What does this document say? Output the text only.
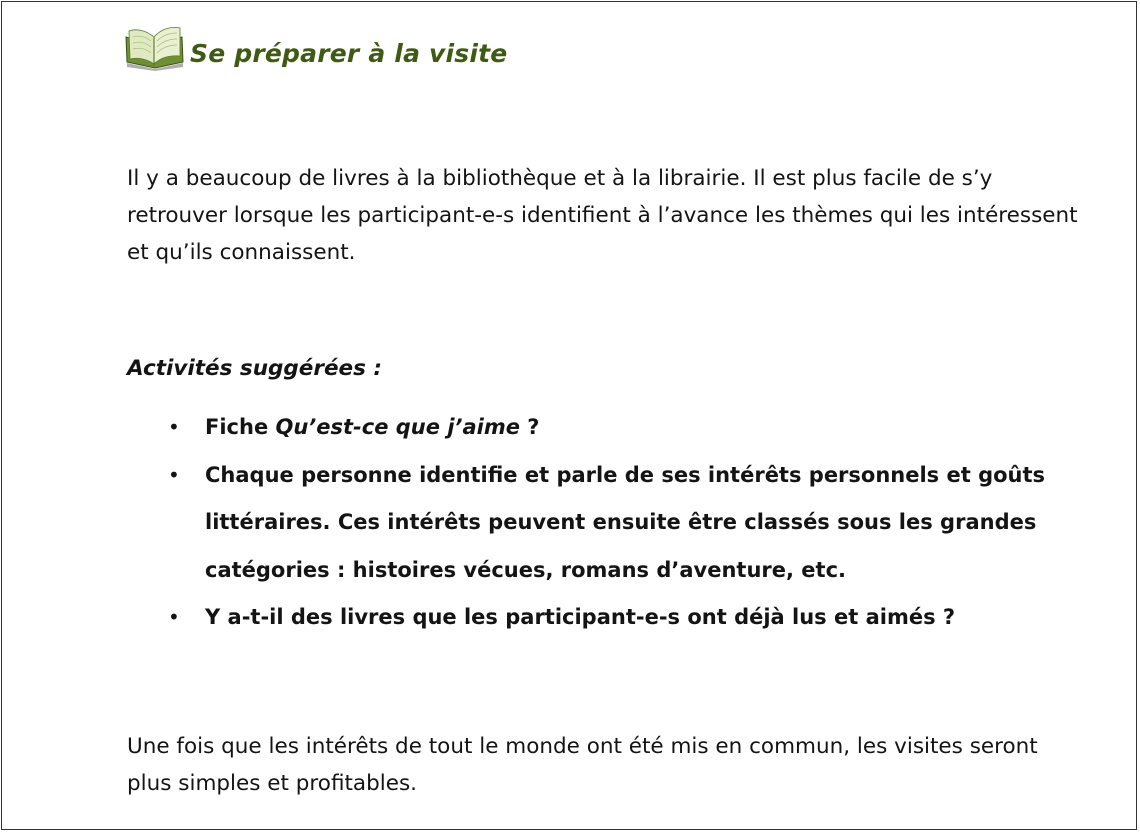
Se préparer à la visite

Il y a beaucoup de livres à la bibliothèque et à la librairie. Il est plus facile de s’y retrouver lorsque les participant-e-s identifient à l’avance les thèmes qui les intéressent et qu’ils connaissent.

Activités suggérées :

• Fiche Qu’est-ce que j’aime ?
• Chaque personne identifie et parle de ses intérêts personnels et goûts littéraires. Ces intérêts peuvent ensuite être classés sous les grandes catégories : histoires vécues, romans d’aventure, etc.
• Y a-t-il des livres que les participant-e-s ont déjà lus et aimés ?

Une fois que les intérêts de tout le monde ont été mis en commun, les visites seront plus simples et profitables.
